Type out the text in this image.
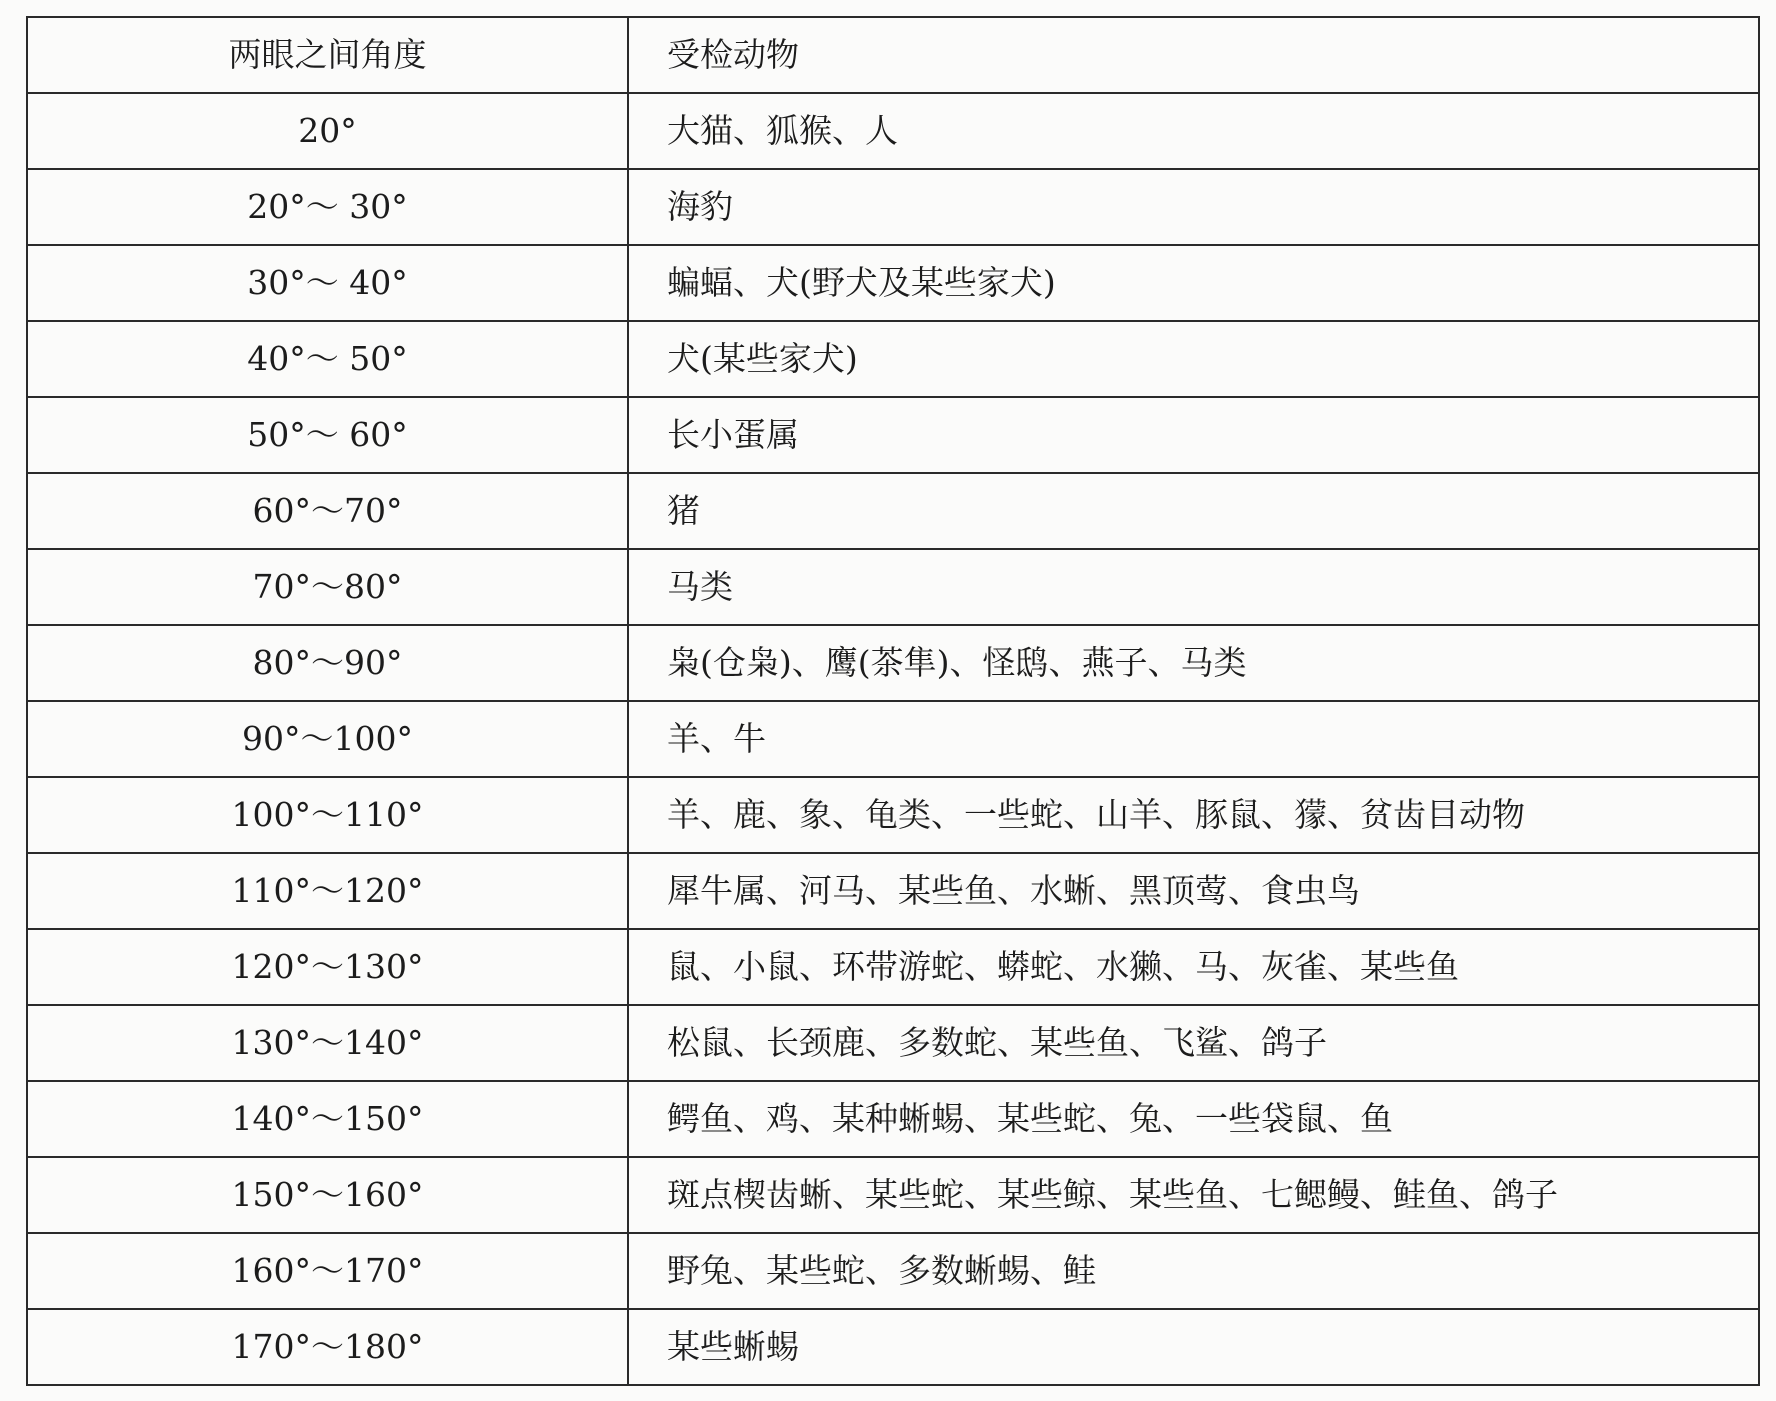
两眼之间角度	受检动物
20°	大猫、狐猴、人
20°～ 30°	海豹
30°～ 40°	蝙蝠、犬(野犬及某些家犬)
40°～ 50°	犬(某些家犬)
50°～ 60°	长小蛋属
60°～70°	猪
70°～80°	马类
80°～90°	枭(仓枭)、鹰(茶隼)、怪鸱、燕子、马类
90°～100°	羊、牛
100°～110°	羊、鹿、象、龟类、一些蛇、山羊、豚鼠、獴、贫齿目动物
110°～120°	犀牛属、河马、某些鱼、水蜥、黑顶莺、食虫鸟
120°～130°	鼠、小鼠、环带游蛇、蟒蛇、水獭、马、灰雀、某些鱼
130°～140°	松鼠、长颈鹿、多数蛇、某些鱼、飞鲨、鸽子
140°～150°	鳄鱼、鸡、某种蜥蜴、某些蛇、兔、一些袋鼠、鱼
150°～160°	斑点楔齿蜥、某些蛇、某些鲸、某些鱼、七鳃鳗、鲑鱼、鸽子
160°～170°	野兔、某些蛇、多数蜥蜴、鲑
170°～180°	某些蜥蜴
